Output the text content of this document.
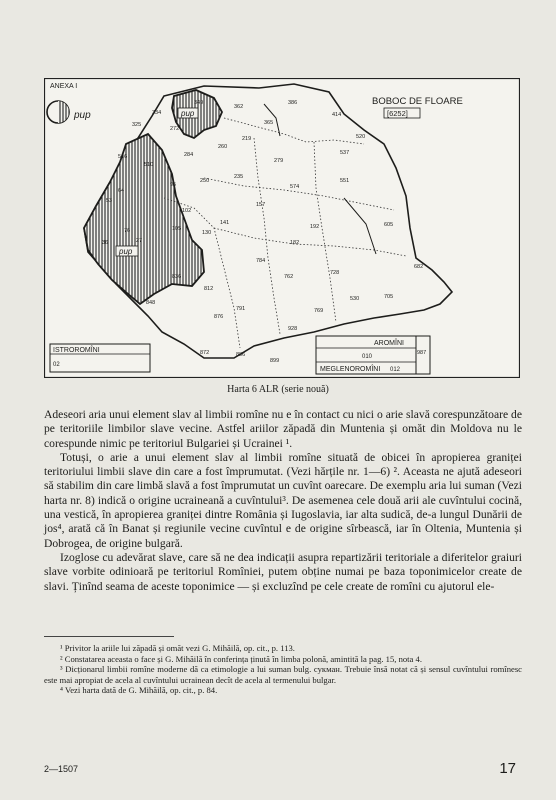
ANEXA I
pup
BOBOC DE FLOARE
[6252]
pup
pup
334
349
362
386
365
414
325
272
219
260
284
520
537
551
574
516
510
250
235
279
95
157
102
53
64
76
36	27
105
130
141
192
182
605
682
784
762
728
769
812
791
705
848
876
928
836
872	886
899
530
ISTROROMÎNI
02
AROMÎNI
010
MEGLENOROMÎNI 012
987
Harta 6 ALR (serie nouă)

Adeseori aria unui element slav al limbii romîne nu e în contact cu nici o arie slavă corespunzătoare de pe teritoriile limbilor slave vecine. Astfel ariilor zăpadă din Muntenia și omăt din Moldova nu le corespunde nimic pe teritoriul Bulgariei și Ucrainei ¹.

Totuși, o arie a unui element slav al limbii romîne situată de obicei în apropierea graniței teritoriului limbii slave din care a fost împrumutat. (Vezi hărțile nr. 1—6) ². Aceasta ne ajută adeseori să stabilim din care limbă slavă a fost împrumutat un cuvînt oarecare. De exemplu aria lui suman (Vezi harta nr. 8) indică o origine ucraineană a cuvîntului³. De asemenea cele două arii ale cuvîntului cocină, una vestică, în apropierea graniței dintre România și Iugoslavia, iar alta sudică, de-a lungul Dunării de jos⁴, arată că în Banat și regiunile vecine cuvîntul e de origine sîrbească, iar în Oltenia, Muntenia și Dobrogea, de origine bulgară.

Izoglose cu adevărat slave, care să ne dea indicații asupra repartizării teritoriale a diferitelor graiuri slave vorbite odinioară pe teritoriul Romîniei, putem obține numai pe baza toponimicelor create de slavi. Ținînd seama de aceste toponimice — și excluzînd pe cele create de romîni cu ajutorul ele-

¹ Privitor la ariile lui zăpadă și omăt vezi G. Mihăilă, op. cit., p. 113.

² Constatarea aceasta o face și G. Mihăilă în conferința ținută în limba polonă, amintită la pag. 15, nota 4.

³ Dicționarul limbii romîne moderne dă ca etimologie a lui suman bulg. сукман. Trebuie însă notat că și sensul cuvîntului romînesc este mai apropiat de acela al cuvîntului ucrainean decît de acela al termenului bulgar.

⁴ Vezi harta dată de G. Mihăilă, op. cit., p. 84.

2—1507	17
